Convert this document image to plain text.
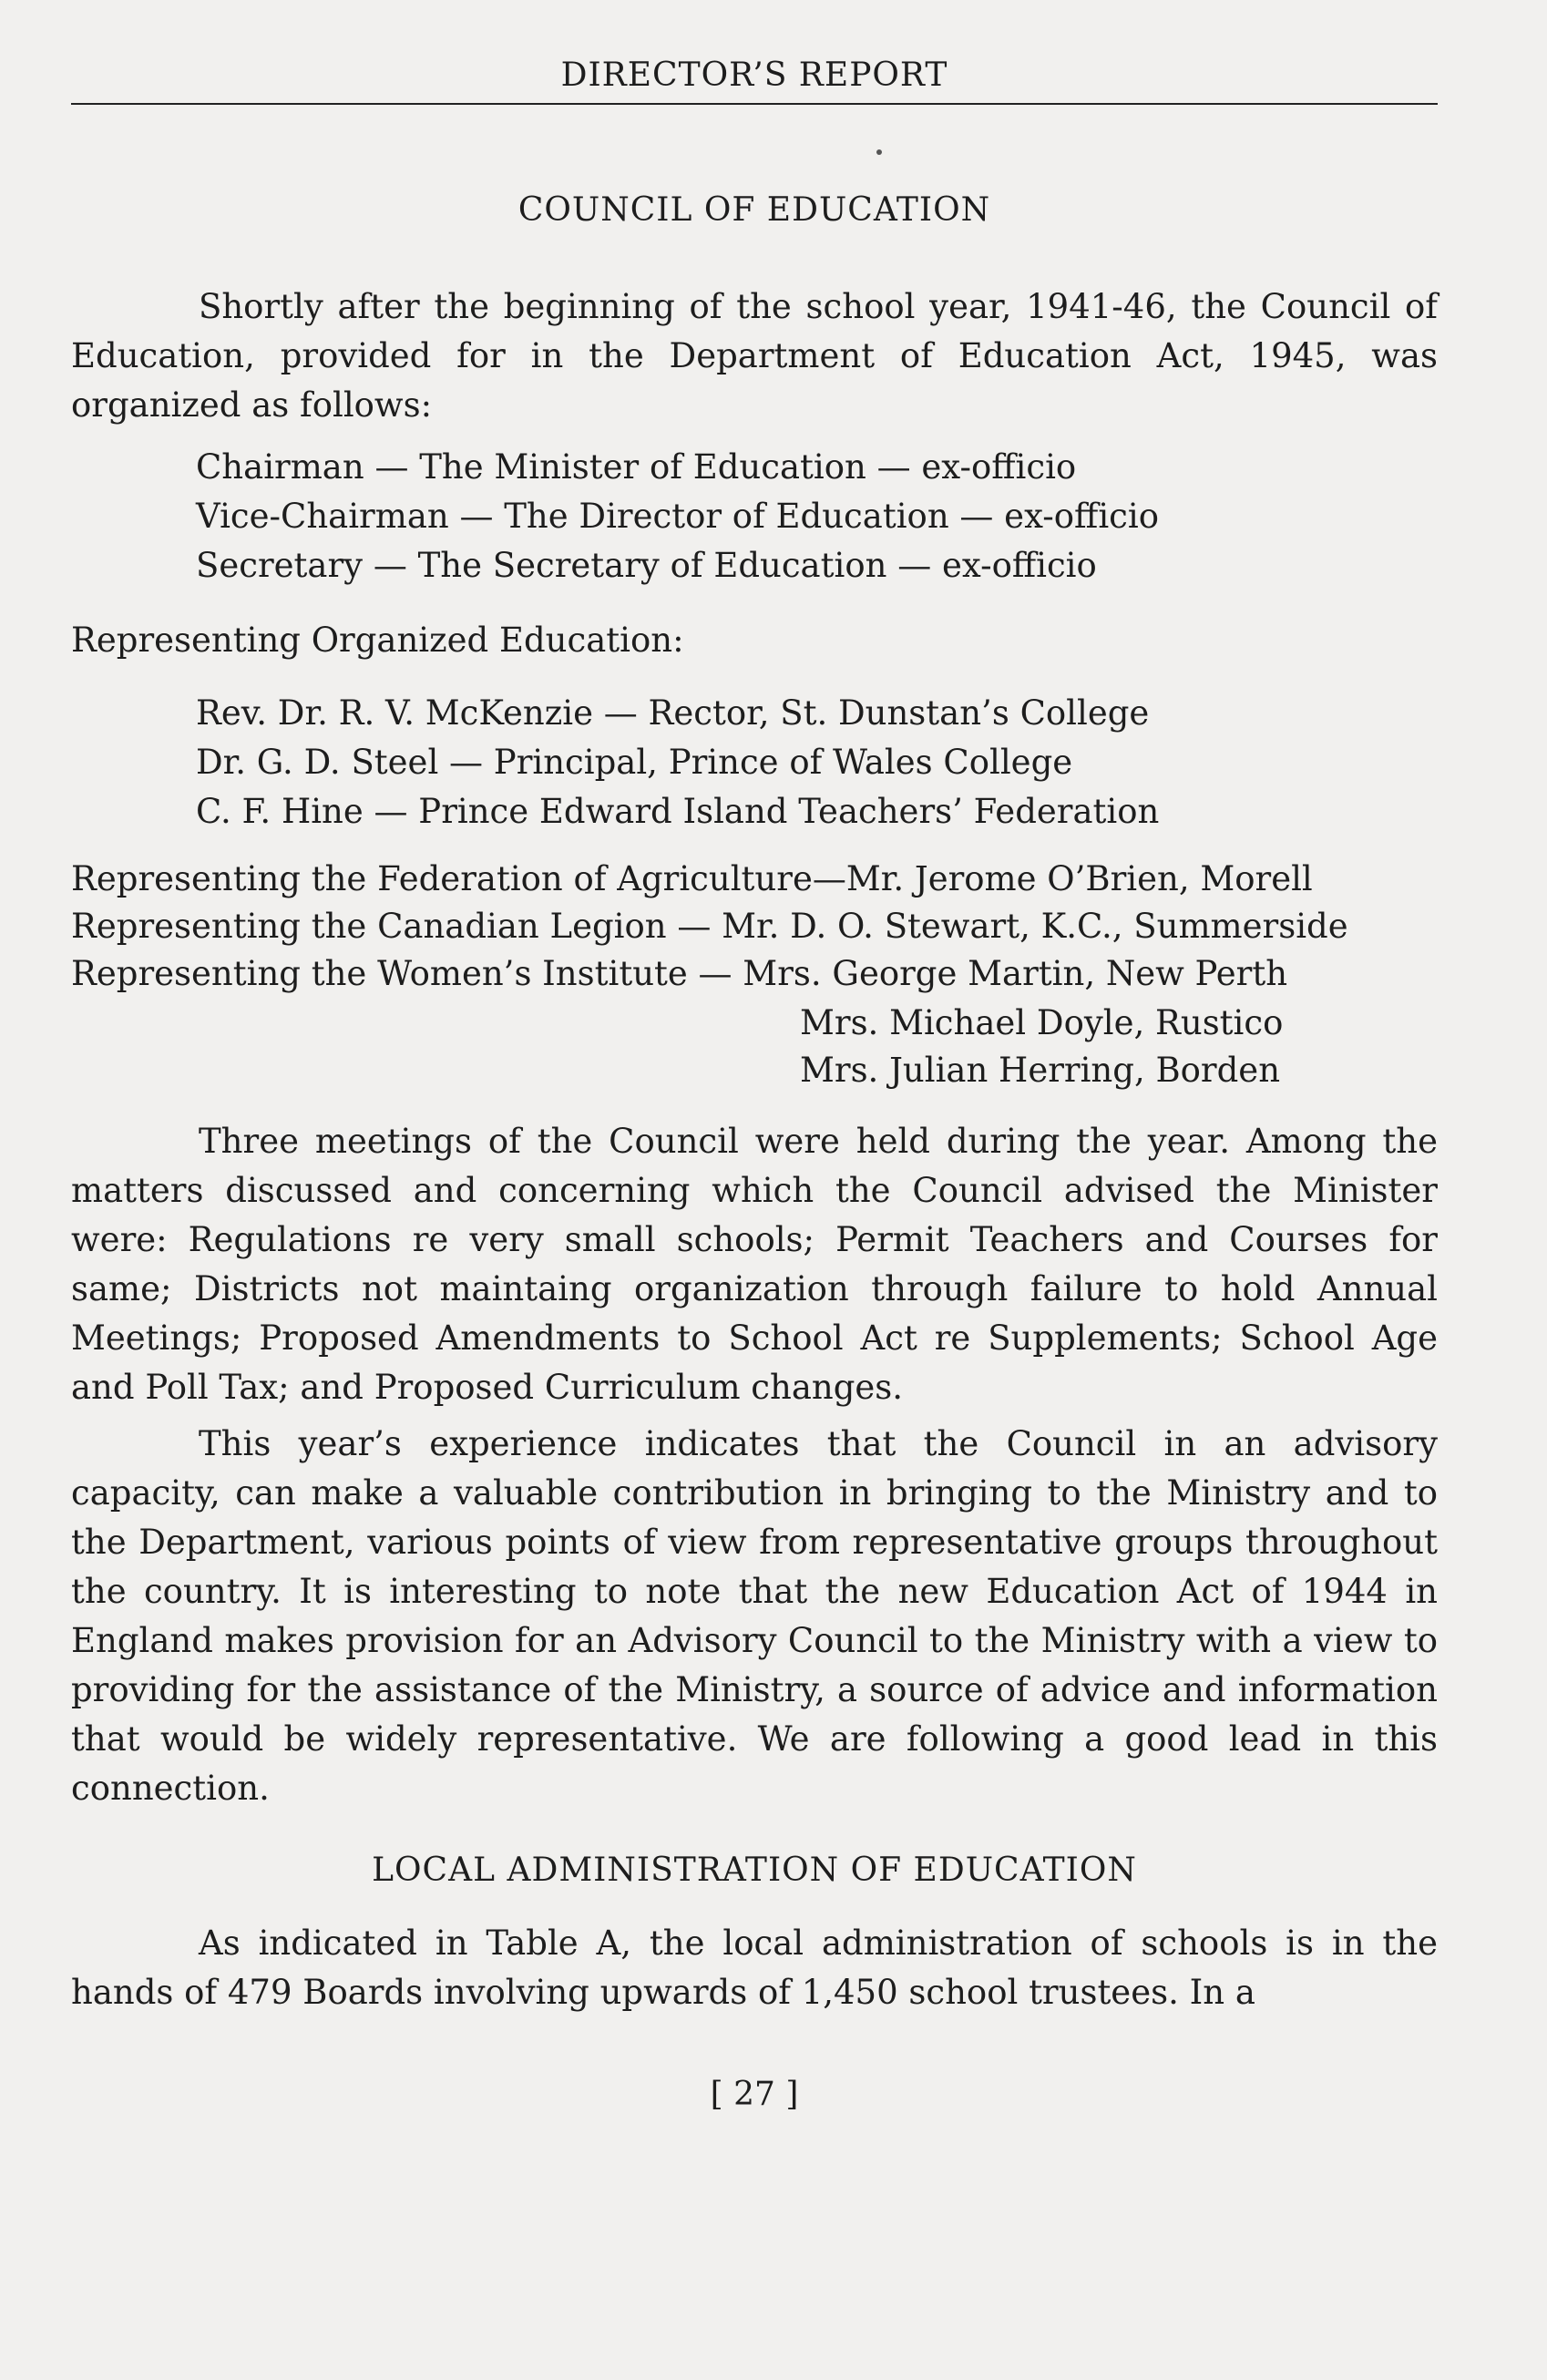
DIRECTOR’S REPORT
COUNCIL OF EDUCATION
Shortly after the beginning of the school year, 1941-46, the Council of Education, provided for in the Department of Education Act, 1945, was organized as follows:
Chairman — The Minister of Education — ex-officio
Vice-Chairman — The Director of Education — ex-officio
Secretary — The Secretary of Education — ex-officio
Representing Organized Education:
Rev. Dr. R. V. McKenzie — Rector, St. Dunstan’s College
Dr. G. D. Steel — Principal, Prince of Wales College
C. F. Hine — Prince Edward Island Teachers’ Federation
Representing the Federation of Agriculture—Mr. Jerome O’Brien, Morell
Representing the Canadian Legion — Mr. D. O. Stewart, K.C., Summerside
Representing the Women’s Institute — Mrs. George Martin, New Perth
Mrs. Michael Doyle, Rustico
Mrs. Julian Herring, Borden
Three meetings of the Council were held during the year. Among the matters discussed and concerning which the Council advised the Minister were: Regulations re very small schools; Permit Teachers and Courses for same; Districts not maintaing organization through failure to hold Annual Meetings; Proposed Amendments to School Act re Supplements; School Age and Poll Tax; and Proposed Curriculum changes.
This year’s experience indicates that the Council in an advisory capacity, can make a valuable contribution in bringing to the Ministry and to the Department, various points of view from representative groups throughout the country. It is interesting to note that the new Education Act of 1944 in England makes provision for an Advisory Council to the Ministry with a view to providing for the assistance of the Ministry, a source of advice and information that would be widely representative. We are following a good lead in this connection.
LOCAL ADMINISTRATION OF EDUCATION
As indicated in Table A, the local administration of schools is in the hands of 479 Boards involving upwards of 1,450 school trustees. In a
[ 27 ]
